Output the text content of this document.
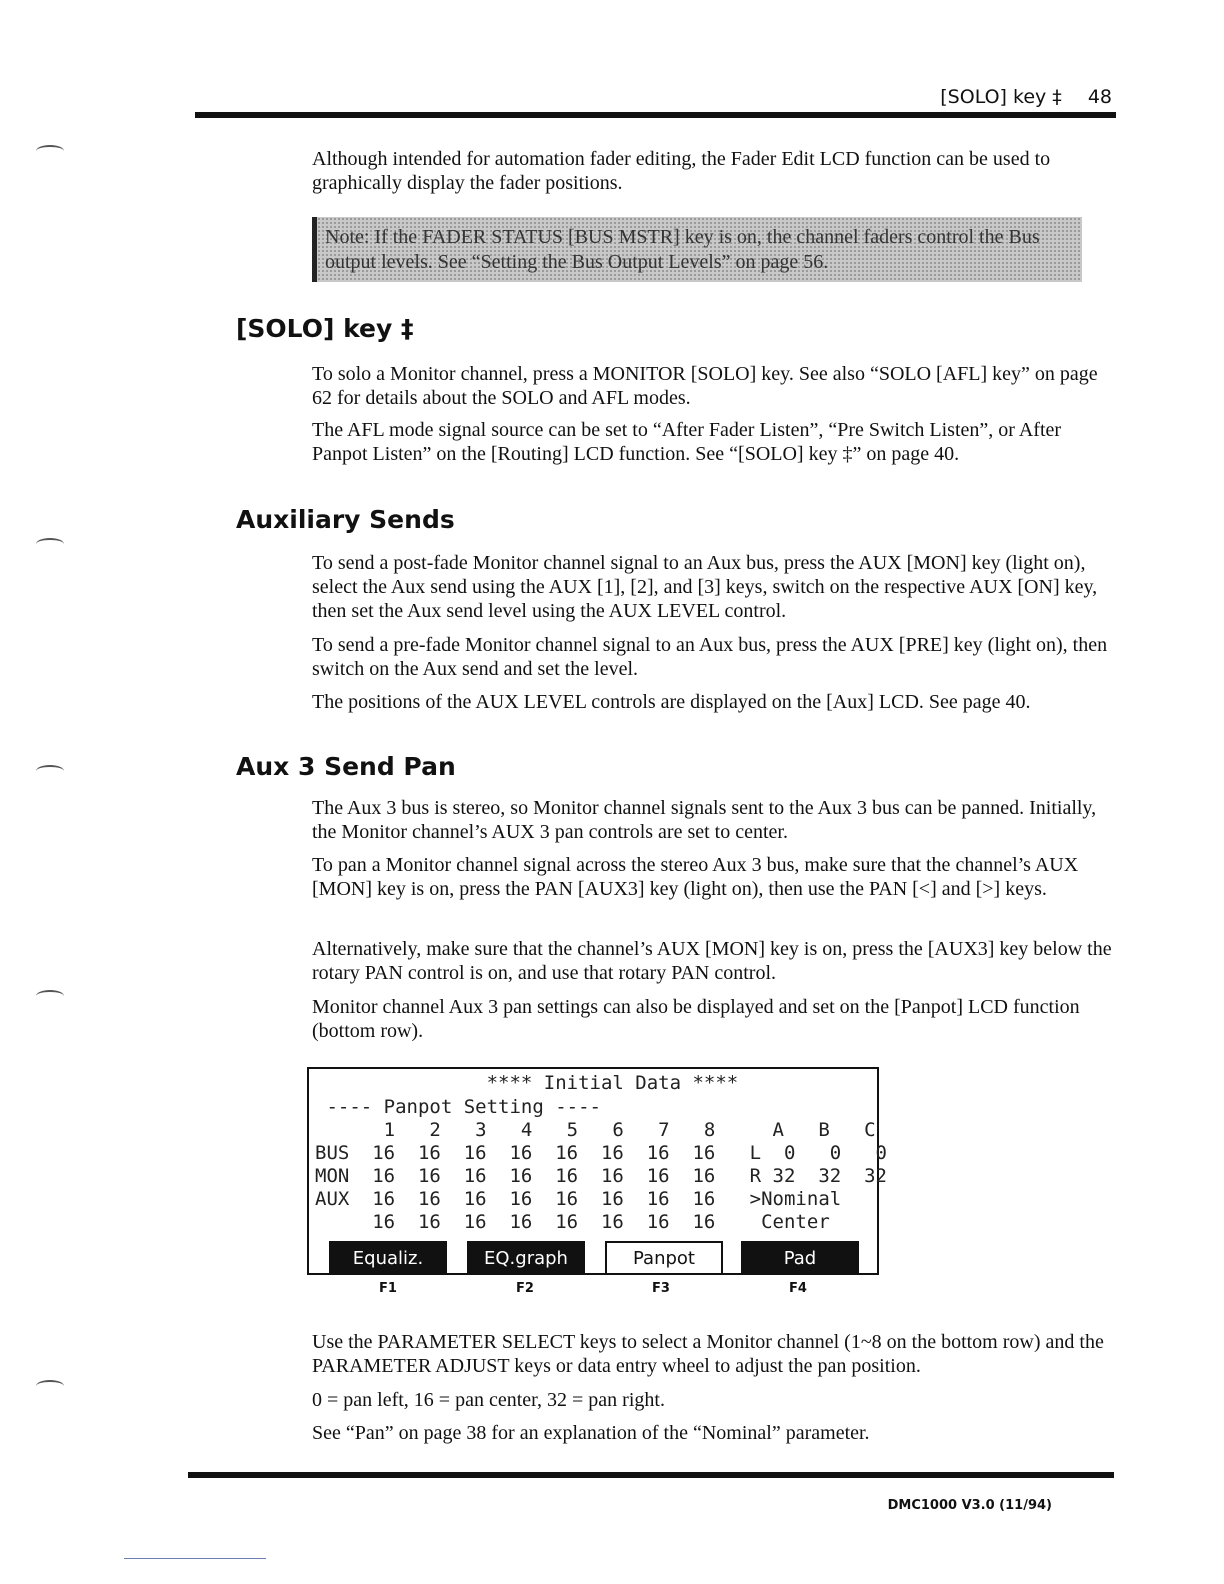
[SOLO] key ‡ 48

Although intended for automation fader editing, the Fader Edit LCD function can be used to graphically display the fader positions.

Note: If the FADER STATUS [BUS MSTR] key is on, the channel faders control the Bus output levels. See “Setting the Bus Output Levels” on page 56.
[SOLO] key ‡

To solo a Monitor channel, press a MONITOR [SOLO] key. See also “SOLO [AFL] key” on page 62 for details about the SOLO and AFL modes.

The AFL mode signal source can be set to “After Fader Listen”, “Pre Switch Listen”, or After Panpot Listen” on the [Routing] LCD function. See “[SOLO] key ‡” on page 40.

Auxiliary Sends

To send a post-fade Monitor channel signal to an Aux bus, press the AUX [MON] key (light on), select the Aux send using the AUX [1], [2], and [3] keys, switch on the respective AUX [ON] key, then set the Aux send level using the AUX LEVEL control.

To send a pre-fade Monitor channel signal to an Aux bus, press the AUX [PRE] key (light on), then switch on the Aux send and set the level.

The positions of the AUX LEVEL controls are displayed on the [Aux] LCD. See page 40.

Aux 3 Send Pan

The Aux 3 bus is stereo, so Monitor channel signals sent to the Aux 3 bus can be panned. Initially, the Monitor channel’s AUX 3 pan controls are set to center.

To pan a Monitor channel signal across the stereo Aux 3 bus, make sure that the channel’s AUX [MON] key is on, press the PAN [AUX3] key (light on), then use the PAN [<] and [>] keys.

Alternatively, make sure that the channel’s AUX [MON] key is on, press the [AUX3] key below the rotary PAN control is on, and use that rotary PAN control.

Monitor channel Aux 3 pan settings can also be displayed and set on the [Panpot] LCD function (bottom row).

**** Initial Data ****
---- Panpot Setting ----
1   2   3   4   5   6   7   8     A   B   C
BUS  16  16  16  16  16  16  16  16   L  0   0   0
MON  16  16  16  16  16  16  16  16   R 32  32  32
AUX  16  16  16  16  16  16  16  16   >Nominal
16  16  16  16  16  16  16  16    Center
Equaliz.	EQ.graph	Panpot	Pad
F1	F2	F3	F4

Use the PARAMETER SELECT keys to select a Monitor channel (1~8 on the bottom row) and the PARAMETER ADJUST keys or data entry wheel to adjust the pan position.

0 = pan left, 16 = pan center, 32 = pan right.

See “Pan” on page 38 for an explanation of the “Nominal” parameter.

DMC1000 V3.0 (11/94)
